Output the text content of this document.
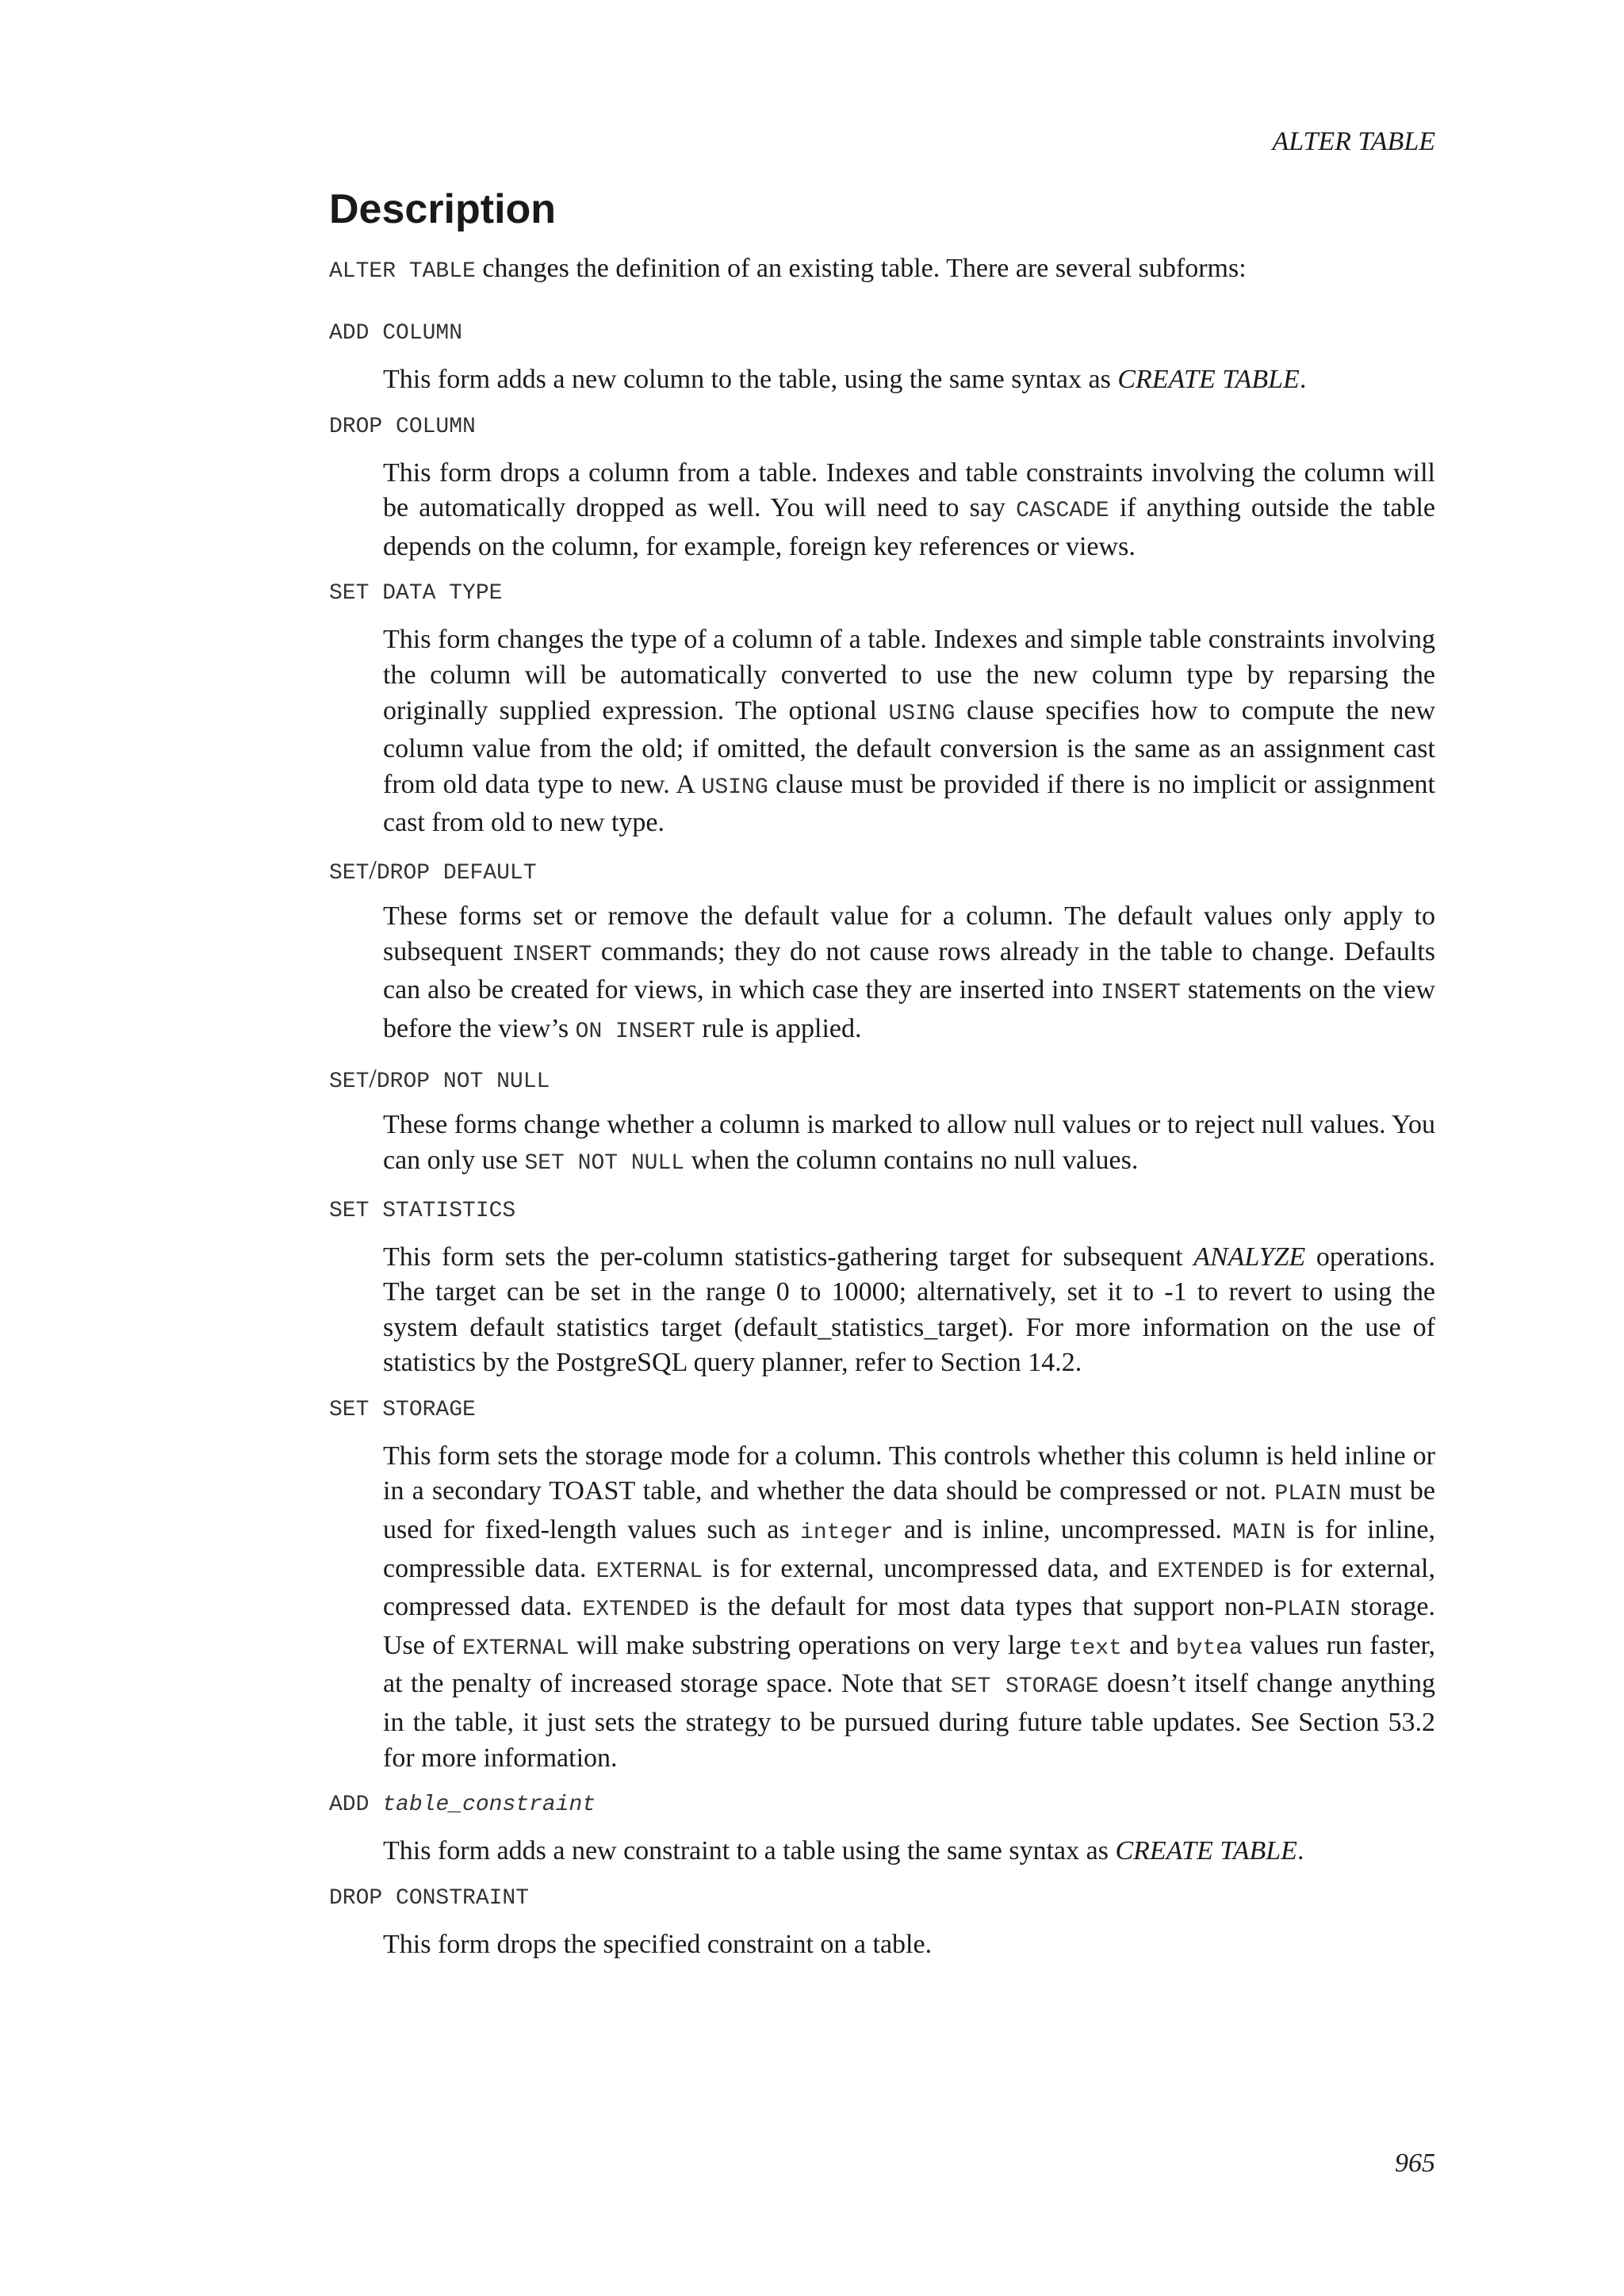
ALTER TABLE
Description

ALTER TABLE changes the definition of an existing table. There are several subforms:

ADD COLUMN
This form adds a new column to the table, using the same syntax as CREATE TABLE.
DROP COLUMN
This form drops a column from a table. Indexes and table constraints involving the column will be automatically dropped as well. You will need to say CASCADE if anything outside the table depends on the column, for example, foreign key references or views.
SET DATA TYPE
This form changes the type of a column of a table. Indexes and simple table constraints involving the column will be automatically converted to use the new column type by reparsing the originally supplied expression. The optional USING clause specifies how to compute the new column value from the old; if omitted, the default conversion is the same as an assignment cast from old data type to new. A USING clause must be provided if there is no implicit or assignment cast from old to new type.
SET/DROP DEFAULT
These forms set or remove the default value for a column. The default values only apply to subsequent INSERT commands; they do not cause rows already in the table to change. Defaults can also be created for views, in which case they are inserted into INSERT statements on the view before the view’s ON INSERT rule is applied.
SET/DROP NOT NULL
These forms change whether a column is marked to allow null values or to reject null values. You can only use SET NOT NULL when the column contains no null values.
SET STATISTICS
This form sets the per-column statistics-gathering target for subsequent ANALYZE operations. The target can be set in the range 0 to 10000; alternatively, set it to -1 to revert to using the system default statistics target (default_statistics_target). For more information on the use of statistics by the PostgreSQL query planner, refer to Section 14.2.
SET STORAGE
This form sets the storage mode for a column. This controls whether this column is held inline or in a secondary TOAST table, and whether the data should be compressed or not. PLAIN must be used for fixed-length values such as integer and is inline, uncompressed. MAIN is for inline, compressible data. EXTERNAL is for external, uncompressed data, and EXTENDED is for external, compressed data. EXTENDED is the default for most data types that support non-PLAIN storage. Use of EXTERNAL will make substring operations on very large text and bytea values run faster, at the penalty of increased storage space. Note that SET STORAGE doesn’t itself change anything in the table, it just sets the strategy to be pursued during future table updates. See Section 53.2 for more information.
ADD table_constraint
This form adds a new constraint to a table using the same syntax as CREATE TABLE.
DROP CONSTRAINT
This form drops the specified constraint on a table.
965
